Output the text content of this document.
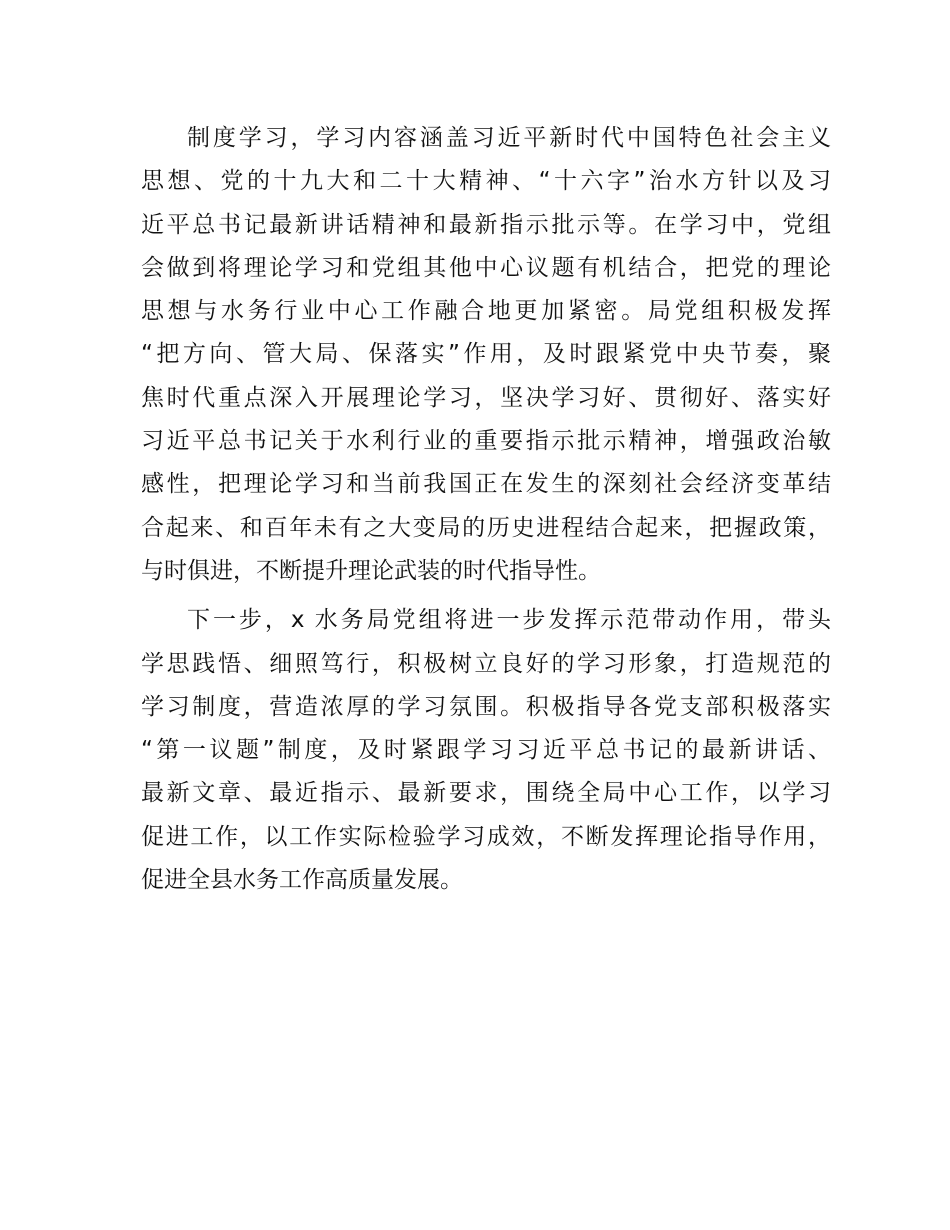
制度学习，学习内容涵盖习近平新时代中国特色社会主义
思想、党的十九大和二十大精神、“十六字”治水方针以及习
近平总书记最新讲话精神和最新指示批示等。在学习中，党组
会做到将理论学习和党组其他中心议题有机结合，把党的理论
思想与水务行业中心工作融合地更加紧密。局党组积极发挥
“把方向、管大局、保落实”作用，及时跟紧党中央节奏，聚
焦时代重点深入开展理论学习，坚决学习好、贯彻好、落实好
习近平总书记关于水利行业的重要指示批示精神，增强政治敏
感性，把理论学习和当前我国正在发生的深刻社会经济变革结
合起来、和百年未有之大变局的历史进程结合起来，把握政策，
与时俱进，不断提升理论武装的时代指导性。
下一步，x 水务局党组将进一步发挥示范带动作用，带头
学思践悟、细照笃行，积极树立良好的学习形象，打造规范的
学习制度，营造浓厚的学习氛围。积极指导各党支部积极落实
“第一议题”制度，及时紧跟学习习近平总书记的最新讲话、
最新文章、最近指示、最新要求，围绕全局中心工作，以学习
促进工作，以工作实际检验学习成效，不断发挥理论指导作用，
促进全县水务工作高质量发展。
